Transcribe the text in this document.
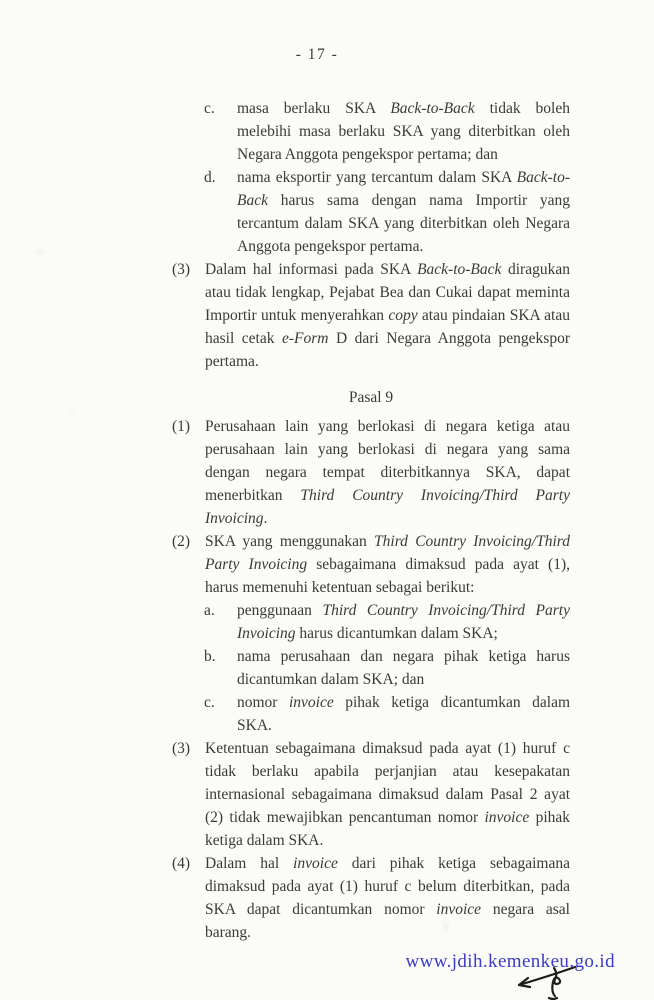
- 17 -
c.	masa berlaku SKA Back-to-Back tidak boleh melebihi masa berlaku SKA yang diterbitkan oleh Negara Anggota pengekspor pertama; dan
d.	nama eksportir yang tercantum dalam SKA Back-to-Back harus sama dengan nama Importir yang tercantum dalam SKA yang diterbitkan oleh Negara Anggota pengekspor pertama.
(3) Dalam hal informasi pada SKA Back-to-Back diragukan atau tidak lengkap, Pejabat Bea dan Cukai dapat meminta Importir untuk menyerahkan copy atau pindaian SKA atau hasil cetak e-Form D dari Negara Anggota pengekspor pertama.
Pasal 9
(1) Perusahaan lain yang berlokasi di negara ketiga atau perusahaan lain yang berlokasi di negara yang sama dengan negara tempat diterbitkannya SKA, dapat menerbitkan Third Country Invoicing/Third Party Invoicing.
(2) SKA yang menggunakan Third Country Invoicing/Third Party Invoicing sebagaimana dimaksud pada ayat (1), harus memenuhi ketentuan sebagai berikut:
a.	penggunaan Third Country Invoicing/Third Party Invoicing harus dicantumkan dalam SKA;
b.	nama perusahaan dan negara pihak ketiga harus dicantumkan dalam SKA; dan
c.	nomor invoice pihak ketiga dicantumkan dalam SKA.
(3) Ketentuan sebagaimana dimaksud pada ayat (1) huruf c tidak berlaku apabila perjanjian atau kesepakatan internasional sebagaimana dimaksud dalam Pasal 2 ayat (2) tidak mewajibkan pencantuman nomor invoice pihak ketiga dalam SKA.
(4) Dalam hal invoice dari pihak ketiga sebagaimana dimaksud pada ayat (1) huruf c belum diterbitkan, pada SKA dapat dicantumkan nomor invoice negara asal barang.
www.jdih.kemenkeu.go.id
